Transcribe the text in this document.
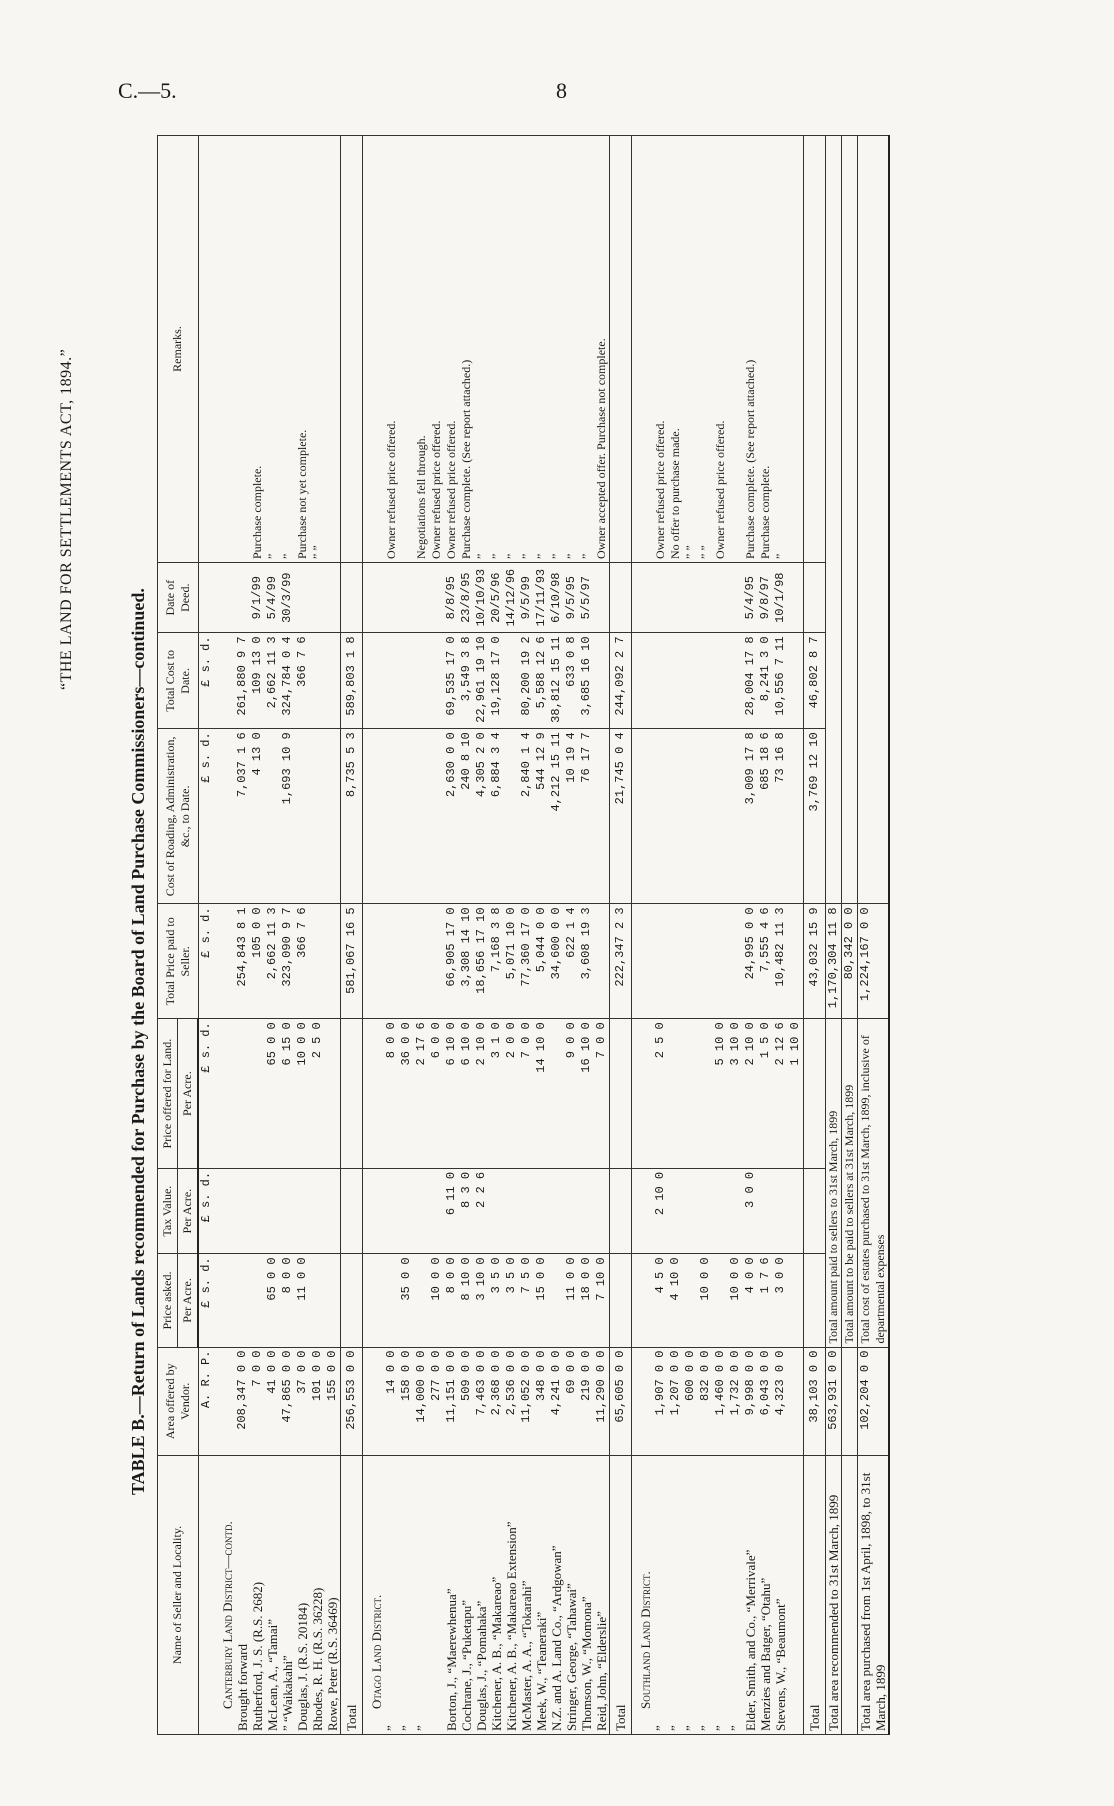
C.—5.	8
“THE LAND FOR SETTLEMENTS ACT, 1894.”
TABLE B.—Return of Lands recommended for Purchase by the Board of Land Purchase Commissioners—continued.
Name of Seller and Locality.	Area offered by Vendor.	Price asked.	Tax Value.	Price offered for Land.	Total Price paid to Seller.	Cost of Roading, Administration, &c., to Date.	Total Cost to Date.	Date of Deed.	Remarks.
		Per Acre.	Per Acre.	Per Acre.					
	A. R. P.	£ s. d.	£ s. d.	£ s. d.	£ s. d.	£ s. d.	£ s. d.		
Canterbury Land District—contd.									
Brought forward	208,347 0 0				254,843 8 1	7,037 1 6	261,880 9 7		
Rutherford, J. S. (R.S. 2682)	7 0 0				105 0 0	4 13 0	109 13 0	9/1/99	Purchase complete.
McLean, A., “Tamai”	41 0 0	65 0 0		65 0 0	2,662 11 3		2,662 11 3	5/4/99	”
” “Waikakahi”	47,865 0 0	8 0 0		6 15 0	323,090 9 7	1,693 10 9	324,784 0 4	30/3/99	”
Douglas, J. (R.S. 20184)	37 0 0	11 0 0		10 0 0	366 7 6		366 7 6		Purchase not yet complete.
Rhodes, R. H. (R.S. 36228)	101 0 0			2 5 0					” ”
Rowe, Peter (R.S. 36469)	155 0 0								
Total	256,553 0 0				581,067 16 5	8,735 5 3	589,803 1 8		
Otago Land District.									
”	14 0 0			8 0 0					Owner refused price offered.
”	158 0 0	35 0 0		36 0 0					
”	14,000 0 0			2 17 6					Negotiations fell through.
	277 0 0	10 0 0		6 0 0					Owner refused price offered.
Borton, J., “Maerewhenua”	11,151 0 0	8 0 0	6 11 0	6 10 0	66,905 17 0	2,630 0 0	69,535 17 0	8/8/95	Owner refused price offered.
Cochrane, J., “Puketapu”	509 0 0	8 10 0	8 3 0	6 10 0	3,308 14 10	240 8 10	3,549 3 8	23/8/95	Purchase complete. (See report attached.)
Douglas, J., “Pomahaka”	7,463 0 0	3 10 0	2 2 6	2 10 0	18,656 17 10	4,305 2 0	22,961 19 10	10/10/93	”
Kitchener, A. B., “Makareao”	2,368 0 0	3 5 0		3 1 0	7,168 3 8	6,884 3 4	19,128 17 0	20/5/96	”
Kitchener, A. B., “Makareao Extension”	2,536 0 0	3 5 0		2 0 0	5,071 10 0			14/12/96	”
McMaster, A. A., “Tokarahi”	11,052 0 0	7 5 0		7 0 0	77,360 17 0	2,840 1 4	80,200 19 2	9/5/99	”
Meek, W., “Teaneraki”	348 0 0	15 0 0		14 10 0	5,044 0 0	544 12 9	5,588 12 6	17/11/93	”
N.Z. and A. Land Co., “Ardgowan”	4,241 0 0				34,600 0 0	4,212 15 11	38,812 15 11	6/10/98	”
Stringer, George, “Tahawai”	69 0 0	11 0 0		9 0 0	622 1 4	10 19 4	633 0 8	9/5/95	”
Thomson, W., “Momona”	219 0 0	18 0 0		16 10 0	3,608 19 3	76 17 7	3,685 16 10	5/5/97	”
Reid, John, “Elderslie”	11,290 0 0	7 10 0		7 0 0					Owner accepted offer. Purchase not complete.
Total	65,605 0 0				222,347 2 3	21,745 0 4	244,092 2 7		
Southland Land District.									
”	1,907 0 0	4 5 0	2 10 0	2 5 0					Owner refused price offered.
”	1,207 0 0	4 10 0							No offer to purchase made.
”	600 0 0								” ”
”	832 0 0	10 0 0							” ”
”	1,460 0 0			5 10 0					Owner refused price offered.
”	1,732 0 0	10 0 0		3 10 0					
Elder, Smith, and Co., “Merrivale”	9,998 0 0	4 0 0	3 0 0	2 10 0	24,995 0 0	3,009 17 8	28,004 17 8	5/4/95	Purchase complete. (See report attached.)
Menzies and Batger, “Otahu”	6,043 0 0	1 7 6		1 5 0	7,555 4 6	685 18 6	8,241 3 0	9/8/97	Purchase complete.
Stevens, W., “Beaumont”	4,323 0 0	3 0 0		2 12 6	10,482 11 3	73 16 8	10,556 7 11	10/1/98	”
				1 10 0					
Total	38,103 0 0				43,032 15 9	3,769 12 10	46,802 8 7		
Total area recommended to 31st March, 1899	563,931 0 0	Total amount paid to sellers to 31st March, 1899			1,170,304 11 8				
		Total amount to be paid to sellers at 31st March, 1899			80,342 0 0				
Total area purchased from 1st April, 1898, to 31st March, 1899	102,204 0 0	Total cost of estates purchased to 31st March, 1899, inclusive of departmental expenses			1,224,167 0 0				
